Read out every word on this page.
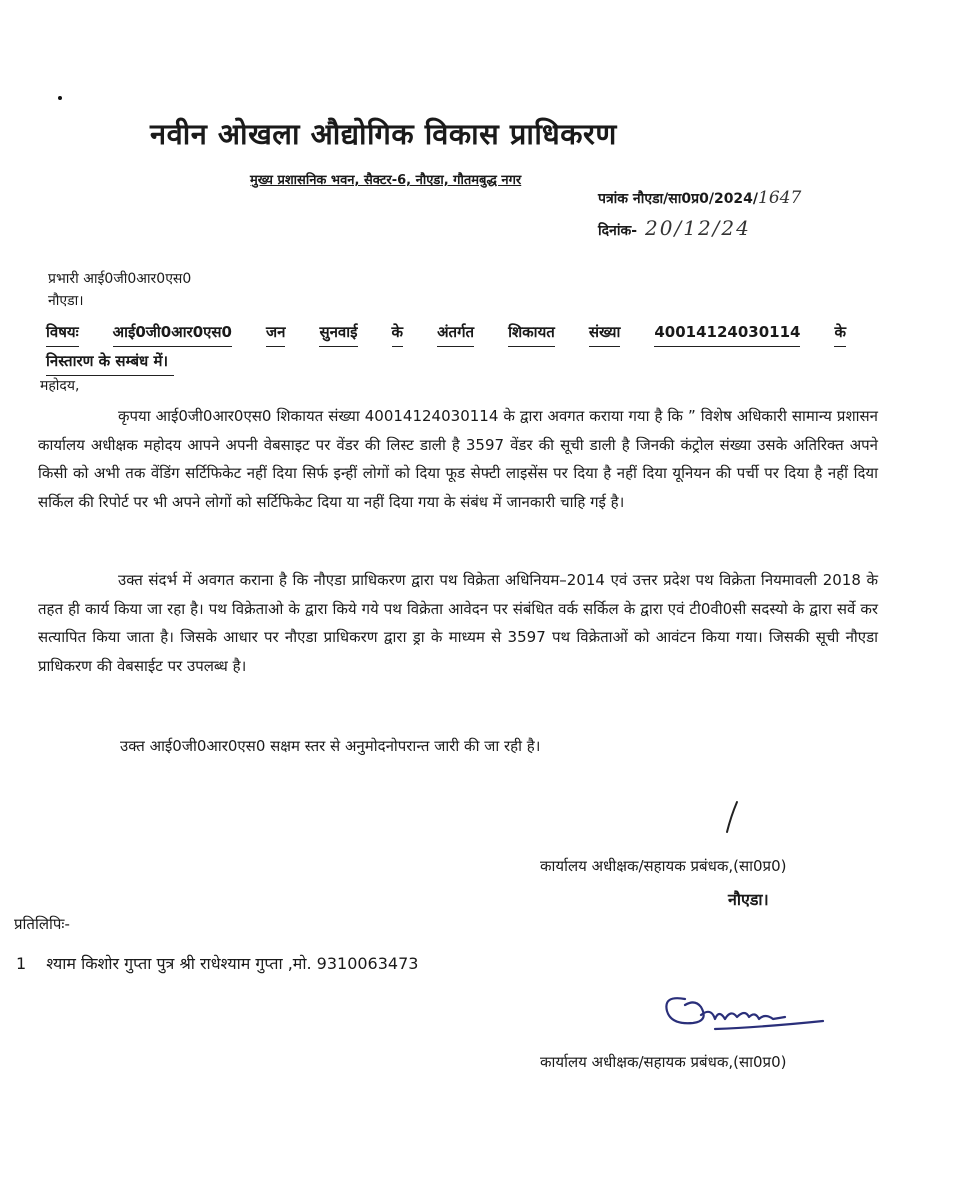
नवीन ओखला औद्योगिक विकास प्राधिकरण
मुख्य प्रशासनिक भवन, सैक्टर-6, नौएडा, गौतमबुद्ध नगर
पत्रांक नौएडा/सा0प्र0/2024/1647
दिनांक- 20/12/24
प्रभारी आई0जी0आर0एस0
नौएडा।
विषयः आई0जी0आर0एस0 जन सुनवाई के अंतर्गत शिकायत संख्या 40014124030114 के
निस्तारण के सम्बंध में।
महोदय,
कृपया आई0जी0आर0एस0 शिकायत संख्या 40014124030114 के द्वारा अवगत कराया गया है कि ” विशेष अधिकारी सामान्य प्रशासन कार्यालय अधीक्षक महोदय आपने अपनी वेबसाइट पर वेंडर की लिस्ट डाली है 3597 वेंडर की सूची डाली है जिनकी कंट्रोल संख्या उसके अतिरिक्त अपने किसी को अभी तक वेंडिंग सर्टिफिकेट नहीं दिया सिर्फ इन्हीं लोगों को दिया फूड सेफ्टी लाइसेंस पर दिया है नहीं दिया यूनियन की पर्ची पर दिया है नहीं दिया सर्किल की रिपोर्ट पर भी अपने लोगों को सर्टिफिकेट दिया या नहीं दिया गया के संबंध में जानकारी चाहि गई है।
उक्त संदर्भ में अवगत कराना है कि नौएडा प्राधिकरण द्वारा पथ विक्रेता अधिनियम–2014 एवं उत्तर प्रदेश पथ विक्रेता नियमावली 2018 के तहत ही कार्य किया जा रहा है। पथ विक्रेताओ के द्वारा किये गये पथ विक्रेता आवेदन पर संबंधित वर्क सर्किल के द्वारा एवं टी0वी0सी सदस्यो के द्वारा सर्वे कर सत्यापित किया जाता है। जिसके आधार पर नौएडा प्राधिकरण द्वारा ड्रा के माध्यम से 3597 पथ विक्रेताओं को आवंटन किया गया। जिसकी सूची नौएडा प्राधिकरण की वेबसाईट पर उपलब्ध है।
उक्त आई0जी0आर0एस0 सक्षम स्तर से अनुमोदनोपरान्त जारी की जा रही है।
कार्यालय अधीक्षक/सहायक प्रबंधक,(सा0प्र0)
नौएडा।
प्रतिलिपिः-
1 श्याम किशोर गुप्ता पुत्र श्री राधेश्याम गुप्ता ,मो. 9310063473
कार्यालय अधीक्षक/सहायक प्रबंधक,(सा0प्र0)
